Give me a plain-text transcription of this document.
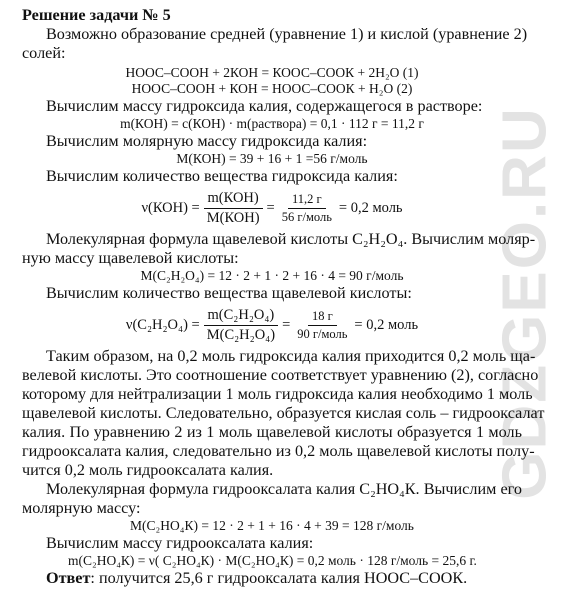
GDZGEO.RU
Решение задачи № 5
Возможно образование средней (уравнение 1) и кислой (уравнение 2)
солей:
НООС–СООН + 2КОН = КООС–СООК + 2Н₂О (1)
НООС–СООН + КОН = НООС–СООК + Н₂О (2)
Вычислим массу гидроксида калия, содержащегося в растворе:
m(КОН) = c(КОН) · m(раствора) = 0,1 · 112 г = 11,2 г
Вычислим молярную массу гидроксида калия:
M(КОН) = 39 + 16 + 1 =56 г/моль
Вычислим количество вещества гидроксида калия:
$\nu(КОН) = \frac{\text{m(КОН)}}{\text{M(КОН)}} = \frac{11,2 г}{\text{56 г/моль}} = 0,2$ моль
Молекулярная формула щавелевой кислоты С₂Н₂О₄. Вычислим моляр-
ную массу щавелевой кислоты:
M(С₂Н₂О₄) = 12 · 2 + 1 · 2 + 16 · 4 = 90 г/моль
Вычислим количество вещества щавелевой кислоты:
$\nu(С_2Н_2О_4) = \frac{\text{m(С₂Н₂О₄)}}{\text{M(С₂Н₂О₄)}} = \frac{18 г}{\text{90 г/моль}} = 0,2$ моль
Таким образом, на 0,2 моль гидроксида калия приходится 0,2 моль ща-
велевой кислоты. Это соотношение соответствует уравнению (2), согласно
которому для нейтрализации 1 моль гидроксида калия необходимо 1 моль
щавелевой кислоты. Следовательно, образуется кислая соль – гидрооксалат
калия. По уравнению 2 из 1 моль щавелевой кислоты образуется 1 моль
гидрооксалата калия, следовательно из 0,2 моль щавелевой кислоты полу-
чится 0,2 моль гидрооксалата калия.
Молекулярная формула гидрооксалата калия С₂НО₄К. Вычислим его
молярную массу:
M(С₂НО₄К) = 12 · 2 + 1 + 16 · 4 + 39 = 128 г/моль
Вычислим массу гидрооксалата калия:
m(С₂НО₄К) = ν( С₂НО₄К) · M(С₂НО₄К) = 0,2 моль · 128 г/моль = 25,6 г.
Ответ: получится 25,6 г гидрооксалата калия НООС–СООК.
